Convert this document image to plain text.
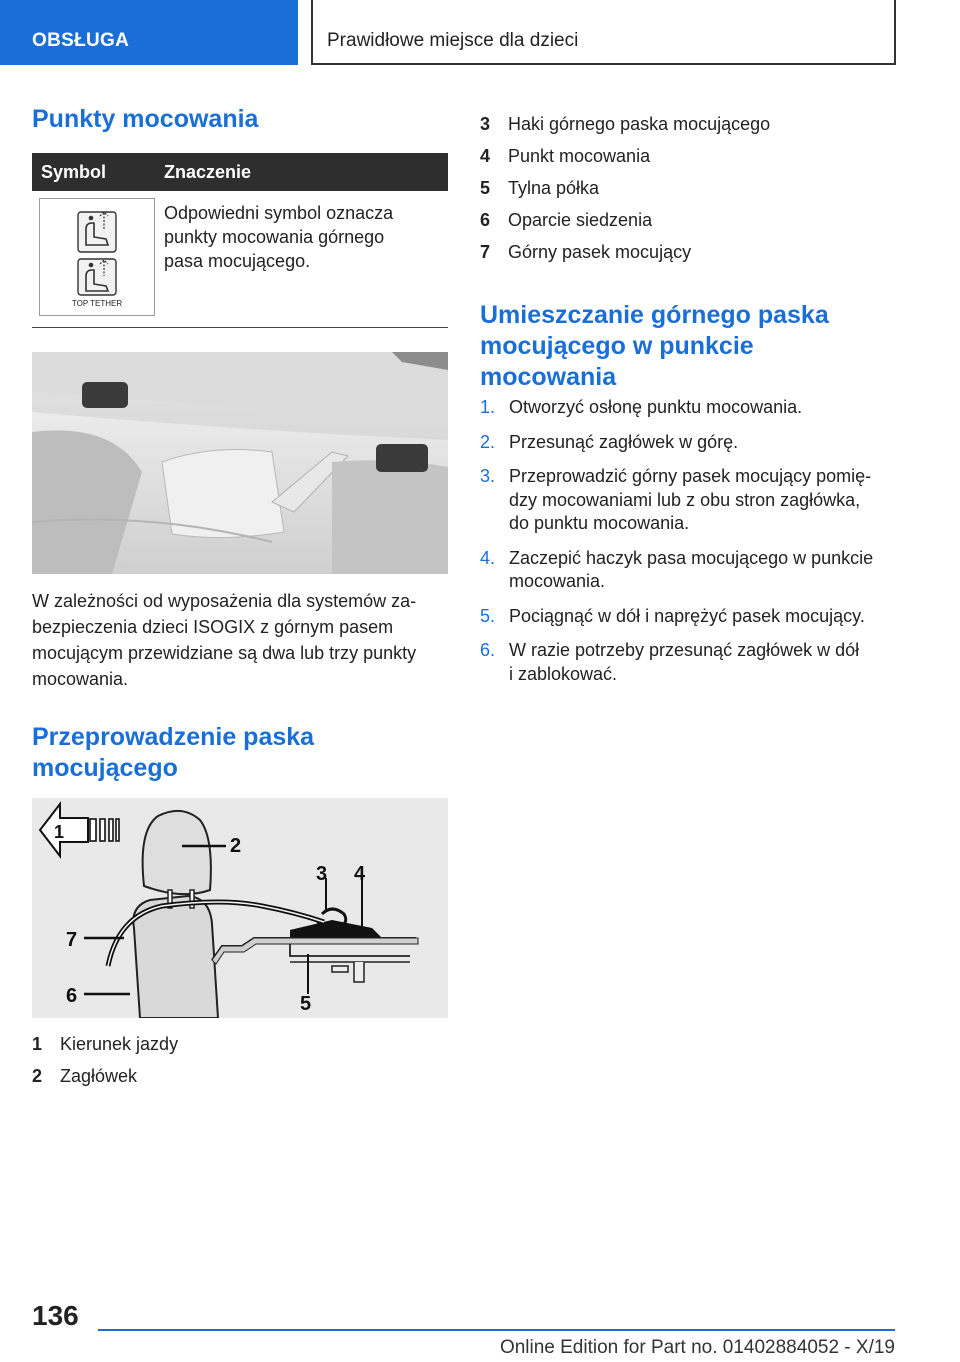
OBSŁUGA	Prawidłowe miejsce dla dzieci
Punkty mocowania
Symbol	Znaczenie
TOP TETHER
Odpowiedni symbol oznacza
punkty mocowania górnego
pasa mocującego.
W zależności od wyposażenia dla systemów za-
bezpieczenia dzieci ISOGIX z górnym pasem
mocującym przewidziane są dwa lub trzy punkty
mocowania.
Przeprowadzenie paska
mocującego
1
2
3 4
5
6
7
1 Kierunek jazdy
2 Zagłówek
3 Haki górnego paska mocującego
4 Punkt mocowania
5 Tylna półka
6 Oparcie siedzenia
7 Górny pasek mocujący
Umieszczanie górnego paska
mocującego w punkcie
mocowania
1. Otworzyć osłonę punktu mocowania.
2. Przesunąć zagłówek w górę.
3. Przeprowadzić górny pasek mocujący pomię-
dzy mocowaniami lub z obu stron zagłówka,
do punktu mocowania.
4. Zaczepić haczyk pasa mocującego w punkcie
mocowania.
5. Pociągnąć w dół i naprężyć pasek mocujący.
6. W razie potrzeby przesunąć zagłówek w dół
i zablokować.
136
Online Edition for Part no. 01402884052 - X/19
